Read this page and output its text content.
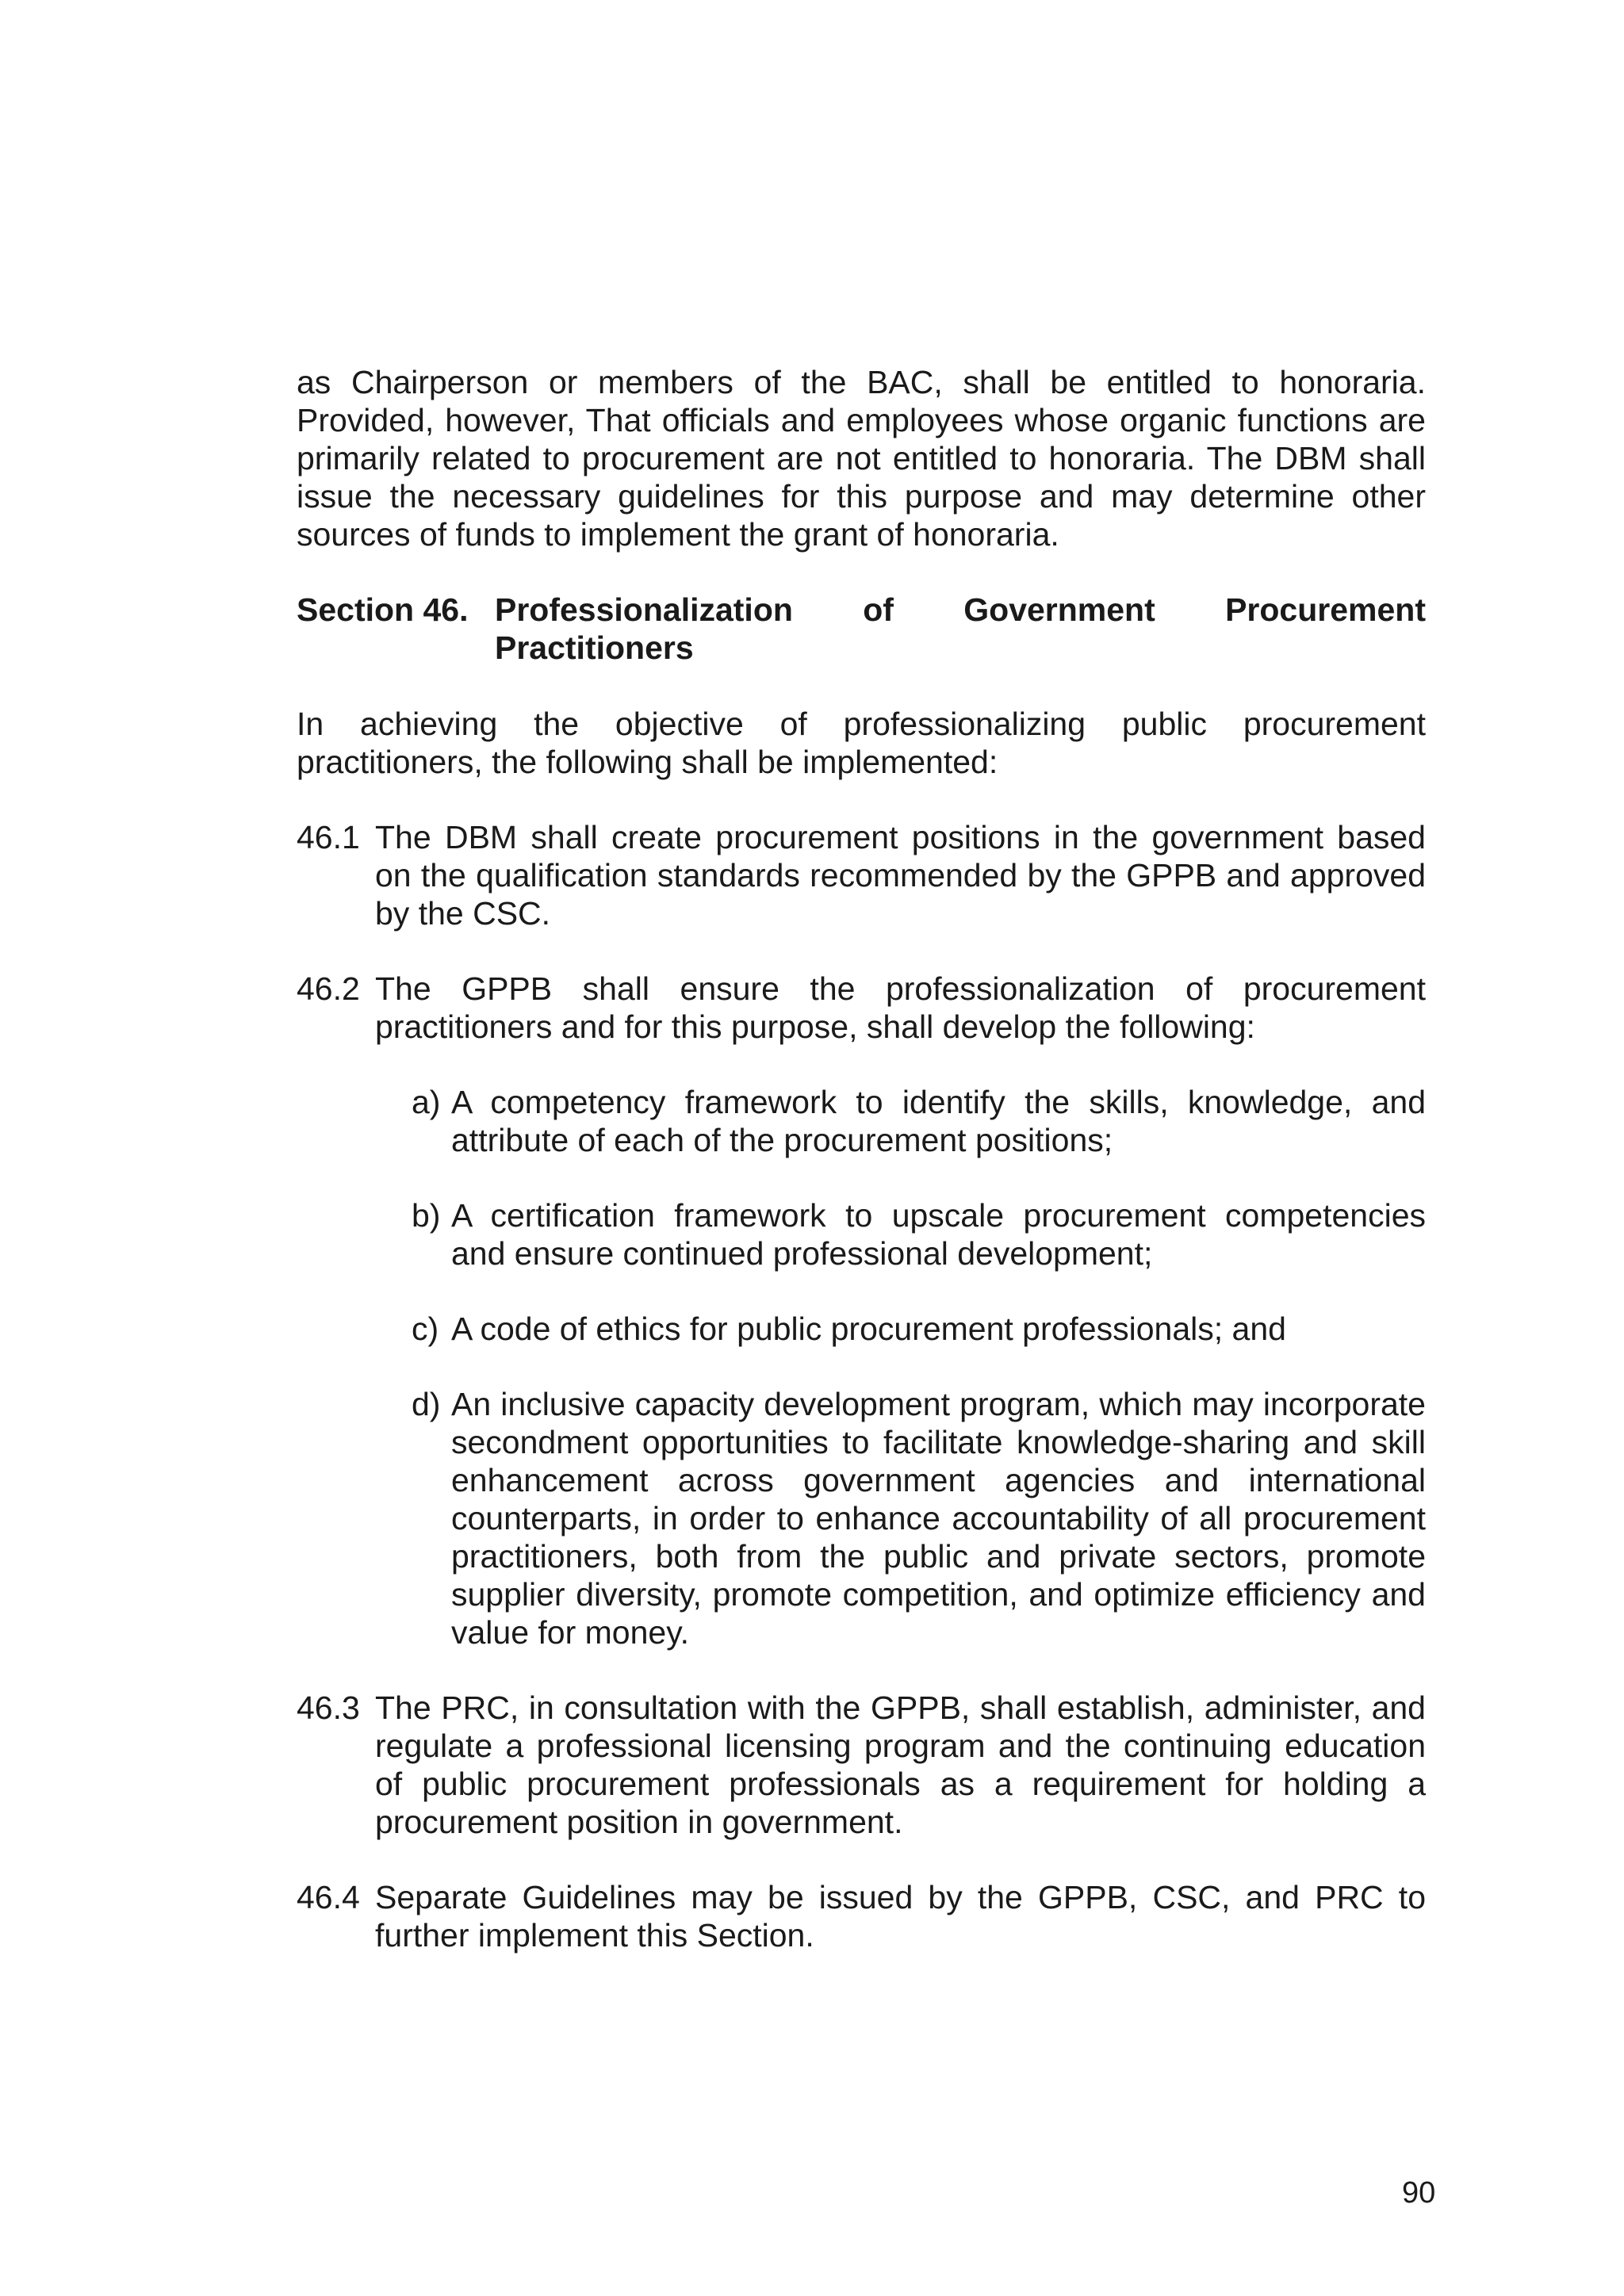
as Chairperson or members of the BAC, shall be entitled to honoraria. Provided, however, That officials and employees whose organic functions are primarily related to procurement are not entitled to honoraria. The DBM shall issue the necessary guidelines for this purpose and may determine other sources of funds to implement the grant of honoraria.

Section 46. Professionalization of Government Procurement Practitioners

In achieving the objective of professionalizing public procurement practitioners, the following shall be implemented:

46.1 The DBM shall create procurement positions in the government based on the qualification standards recommended by the GPPB and approved by the CSC.
46.2 The GPPB shall ensure the professionalization of procurement practitioners and for this purpose, shall develop the following:
a) A competency framework to identify the skills, knowledge, and attribute of each of the procurement positions;
b) A certification framework to upscale procurement competencies and ensure continued professional development;
c) A code of ethics for public procurement professionals; and
d) An inclusive capacity development program, which may incorporate secondment opportunities to facilitate knowledge-sharing and skill enhancement across government agencies and international counterparts, in order to enhance accountability of all procurement practitioners, both from the public and private sectors, promote supplier diversity, promote competition, and optimize efficiency and value for money.
46.3 The PRC, in consultation with the GPPB, shall establish, administer, and regulate a professional licensing program and the continuing education of public procurement professionals as a requirement for holding a procurement position in government.
46.4 Separate Guidelines may be issued by the GPPB, CSC, and PRC to further implement this Section.
90
